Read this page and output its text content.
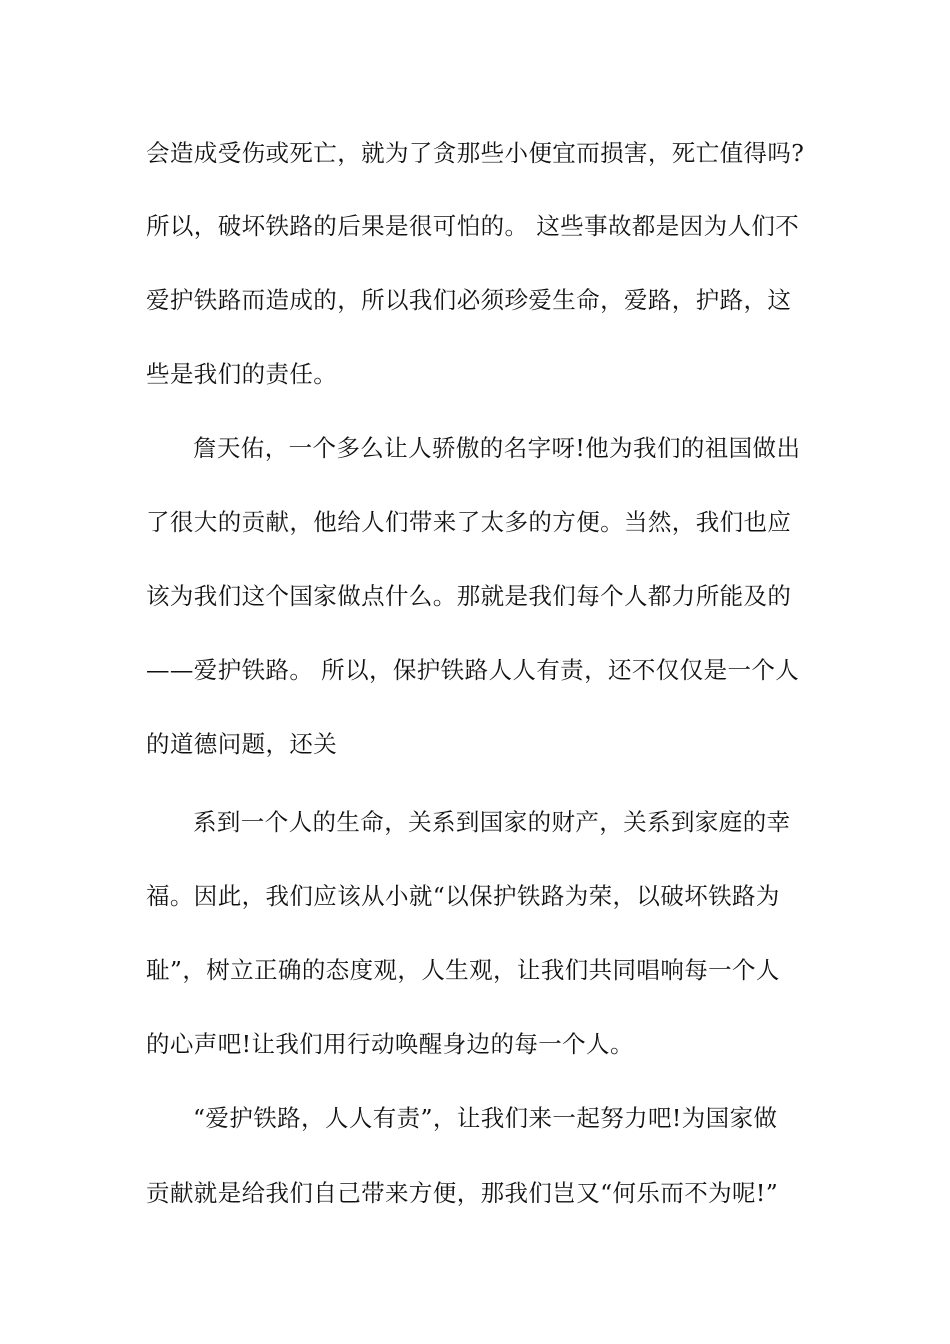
会造成受伤或死亡，就为了贪那些小便宜而损害，死亡值得吗?
所以，破坏铁路的后果是很可怕的。 这些事故都是因为人们不
爱护铁路而造成的，所以我们必须珍爱生命，爱路，护路，这
些是我们的责任。
詹天佑，一个多么让人骄傲的名字呀!他为我们的祖国做出
了很大的贡献，他给人们带来了太多的方便。当然，我们也应
该为我们这个国家做点什么。那就是我们每个人都力所能及的
——爱护铁路。 所以，保护铁路人人有责，还不仅仅是一个人
的道德问题，还关
系到一个人的生命，关系到国家的财产，关系到家庭的幸
福。因此，我们应该从小就“以保护铁路为荣，以破坏铁路为
耻”，树立正确的态度观，人生观，让我们共同唱响每一个人
的心声吧!让我们用行动唤醒身边的每一个人。
“爱护铁路，人人有责”，让我们来一起努力吧!为国家做
贡献就是给我们自己带来方便，那我们岂又“何乐而不为呢!”
